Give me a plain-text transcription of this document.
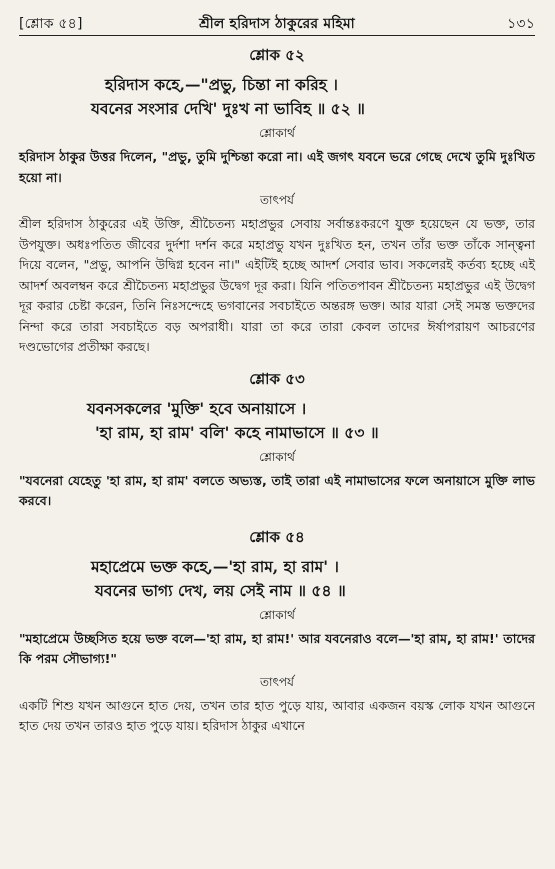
[শ্লোক ৫৪]	শ্রীল হরিদাস ঠাকুরের মহিমা	১৩১
শ্লোক ৫২
হরিদাস কহে,—"প্রভু, চিন্তা না করিহ ।
যবনের সংসার দেখি' দুঃখ না ভাবিহ ॥ ৫২ ॥
শ্লোকার্থ
হরিদাস ঠাকুর উত্তর দিলেন, "প্রভু, তুমি দুশ্চিন্তা করো না। এই জগৎ যবনে ভরে গেছে দেখে তুমি দুঃখিত হয়ো না।
তাৎপর্য
শ্রীল হরিদাস ঠাকুরের এই উক্তি, শ্রীচৈতন্য মহাপ্রভুর সেবায় সর্বান্তঃকরণে যুক্ত হয়েছেন যে ভক্ত, তার উপযুক্ত। অধঃপতিত জীবের দুর্দশা দর্শন করে মহাপ্রভু যখন দুঃখিত হন, তখন তাঁর ভক্ত তাঁকে সান্ত্বনা দিয়ে বলেন, "প্রভু, আপনি উদ্বিগ্ন হবেন না।" এইটিই হচ্ছে আদর্শ সেবার ভাব। সকলেরই কর্তব্য হচ্ছে এই আদর্শ অবলম্বন করে শ্রীচৈতন্য মহাপ্রভুর উদ্বেগ দূর করা। যিনি পতিতপাবন শ্রীচৈতন্য মহাপ্রভুর এই উদ্বেগ দূর করার চেষ্টা করেন, তিনি নিঃসন্দেহে ভগবানের সবচাইতে অন্তরঙ্গ ভক্ত। আর যারা সেই সমস্ত ভক্তদের নিন্দা করে তারা সবচাইতে বড় অপরাধী। যারা তা করে তারা কেবল তাদের ঈর্ষাপরায়ণ আচরণের দণ্ডভোগের প্রতীক্ষা করছে।
শ্লোক ৫৩
যবনসকলের 'মুক্তি' হবে অনায়াসে ।
'হা রাম, হা রাম' বলি' কহে নামাভাসে ॥ ৫৩ ॥
শ্লোকার্থ
"যবনেরা যেহেতু 'হা রাম, হা রাম' বলতে অভ্যস্ত, তাই তারা এই নামাভাসের ফলে অনায়াসে মুক্তি লাভ করবে।
শ্লোক ৫৪
মহাপ্রেমে ভক্ত কহে,—'হা রাম, হা রাম' ।
যবনের ভাগ্য দেখ, লয় সেই নাম ॥ ৫৪ ॥
শ্লোকার্থ
"মহাপ্রেমে উচ্ছসিত হয়ে ভক্ত বলে—'হা রাম, হা রাম!' আর যবনেরাও বলে—'হা রাম, হা রাম!' তাদের কি পরম সৌভাগ্য!"
তাৎপর্য
একটি শিশু যখন আগুনে হাত দেয়, তখন তার হাত পুড়ে যায়, আবার একজন বয়স্ক লোক যখন আগুনে হাত দেয় তখন তারও হাত পুড়ে যায়। হরিদাস ঠাকুর এখানে
